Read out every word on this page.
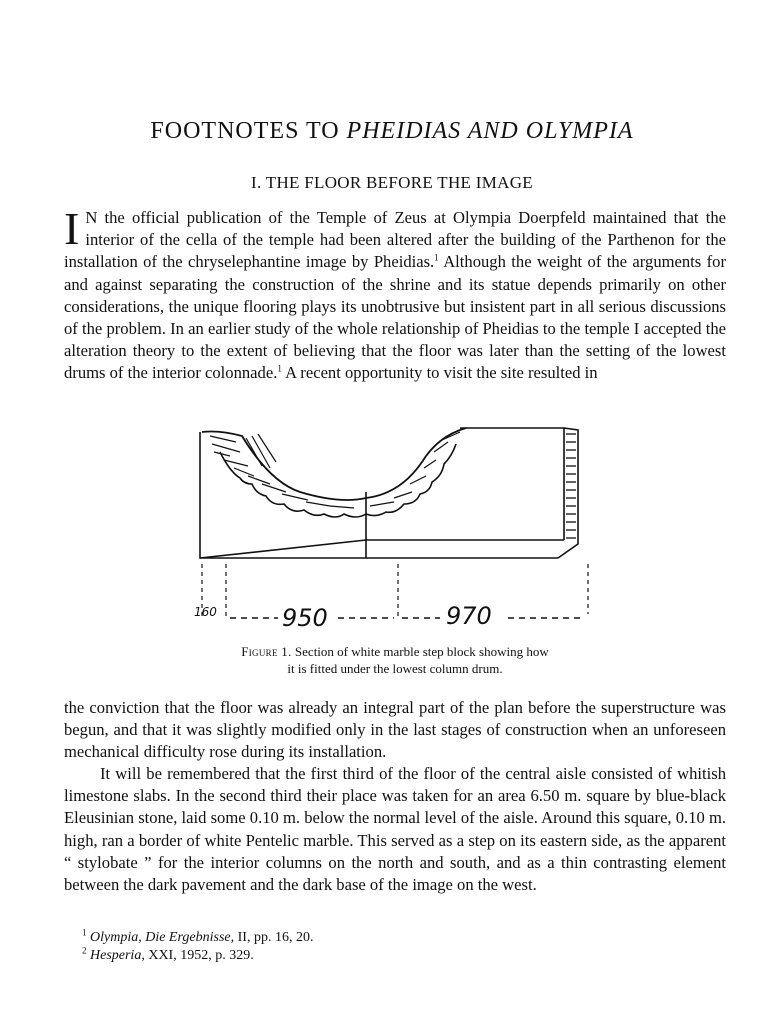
FOOTNOTES TO PHEIDIAS AND OLYMPIA
I. THE FLOOR BEFORE THE IMAGE

I N the official publication of the Temple of Zeus at Olympia Doerpfeld maintained that the interior of the cella of the temple had been altered after the building of the Parthenon for the installation of the chryselephantine image by Pheidias.$^1$ Although the weight of the arguments for and against separating the construction of the shrine and its statue depends primarily on other considerations, the unique flooring plays its unobtrusive but insistent part in all serious discussions of the problem. In an earlier study of the whole relationship of Pheidias to the temple I accepted the alteration theory to the extent of believing that the floor was later than the setting of the lowest drums of the interior colonnade.$^1$ A recent opportunity to visit the site resulted in

160	950	970
Figure 1. Section of white marble step block showing how
it is fitted under the lowest column drum.

the conviction that the floor was already an integral part of the plan before the superstructure was begun, and that it was slightly modified only in the last stages of construction when an unforeseen mechanical difficulty rose during its installation.

It will be remembered that the first third of the floor of the central aisle consisted of whitish limestone slabs. In the second third their place was taken for an area 6.50 m. square by blue-black Eleusinian stone, laid some 0.10 m. below the normal level of the aisle. Around this square, 0.10 m. high, ran a border of white Pentelic marble. This served as a step on its eastern side, as the apparent “ stylobate ” for the interior columns on the north and south, and as a thin contrasting element between the dark pavement and the dark base of the image on the west.

$^1$ Olympia, Die Ergebnisse, II, pp. 16, 20.
$^2$ Hesperia, XXI, 1952, p. 329.
